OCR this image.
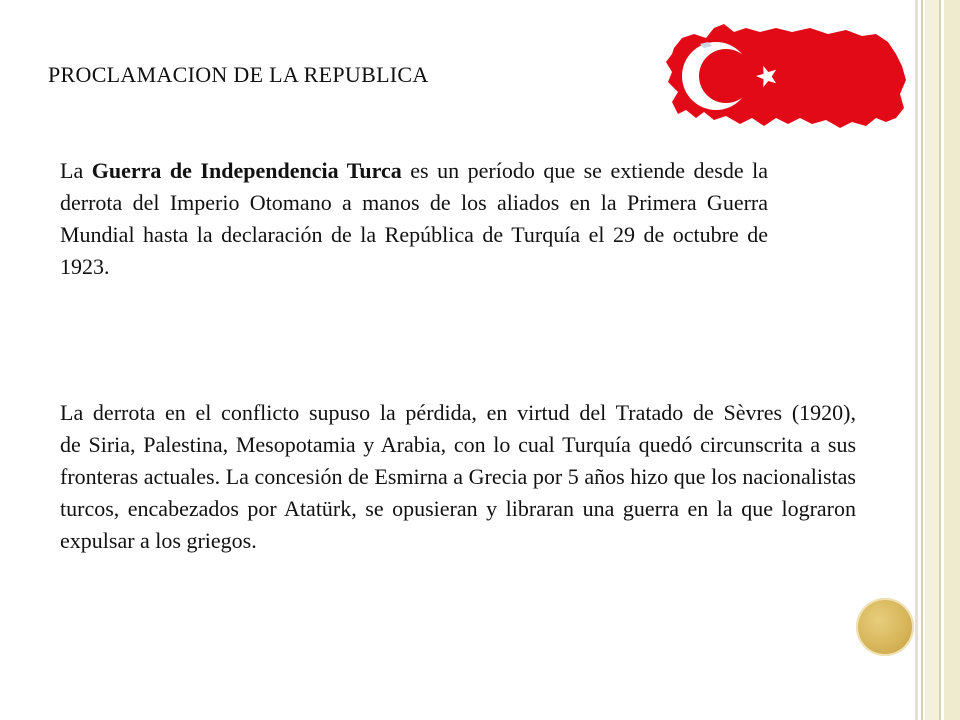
PROCLAMACION DE LA REPUBLICA

La Guerra de Independencia Turca es un período que se extiende desde la derrota del Imperio Otomano a manos de los aliados en la Primera Guerra Mundial hasta la declaración de la República de Turquía el 29 de octubre de 1923.

La derrota en el conflicto supuso la pérdida, en virtud del Tratado de Sèvres (1920),
de Siria, Palestina, Mesopotamia y Arabia, con lo cual Turquía quedó circunscrita a sus fronteras actuales. La concesión de Esmirna a Grecia por 5 años hizo que los nacionalistas turcos, encabezados por Atatürk, se opusieran y libraran una guerra en la que lograron expulsar a los griegos.
